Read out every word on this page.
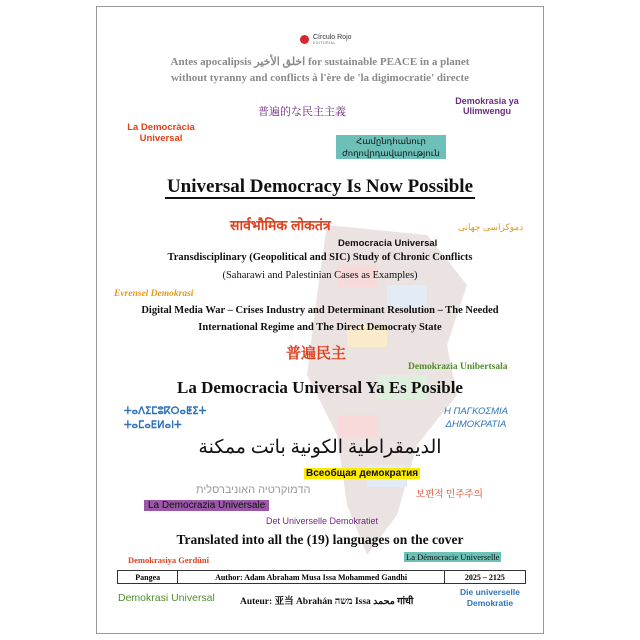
Círculo Rojo
EDITORIAL
Antes apocalipsis اخلق الأخير for sustainable PEACE in a planet
without tyranny and conflicts à l'ère de 'la digimocratie' directe
普遍的な民主主義
Demokrasia ya Ulimwengu
La Democràcia Universal	Համընդհանուր ժողովրդավարություն
Universal Democracy Is Now Possible
सार्वभौमिक लोकतंत्र	دموکراسی جهانی
Democracia Universal
Transdisciplinary (Geopolitical and SIC) Study of Chronic Conflicts
(Saharawi and Palestinian Cases as Examples)
Evrensel Demokrasi
Digital Media War – Crises Industry and Determinant Resolution – The Needed
International Regime and The Direct Democraty State
普遍民主
Demokrazia Unibertsala
La Democracia Universal Ya Es Posible
ⵜⴰⴷⵉⵎⵓⴽⵔⴰⵟⵉⵜ
ⵜⴰⵎⴰⴹⵍⴰⵏⵜ
Η ΠΑΓΚΟΣΜΙΑ ΔΗΜΟΚΡΑΤΙΑ
الديمقراطية الكونية باتت ممكنة
Всеобщая демократия
הדמוקרטיה האוניברסלית	보편적 민주주의
La Democrazia Universale
Det Universelle Demokratiet
Translated into all the (19) languages on the cover
Demokrasiya Gerdûnî	La Démocracie Universelle
Pangea	Author: Adam Abraham Musa Issa Mohammed Gandhi	2025 – 2125
Demokrasi Universal	Auteur: 亚当 Abrahán משה Issa محمد गांधी
Die universelle Demokratie
